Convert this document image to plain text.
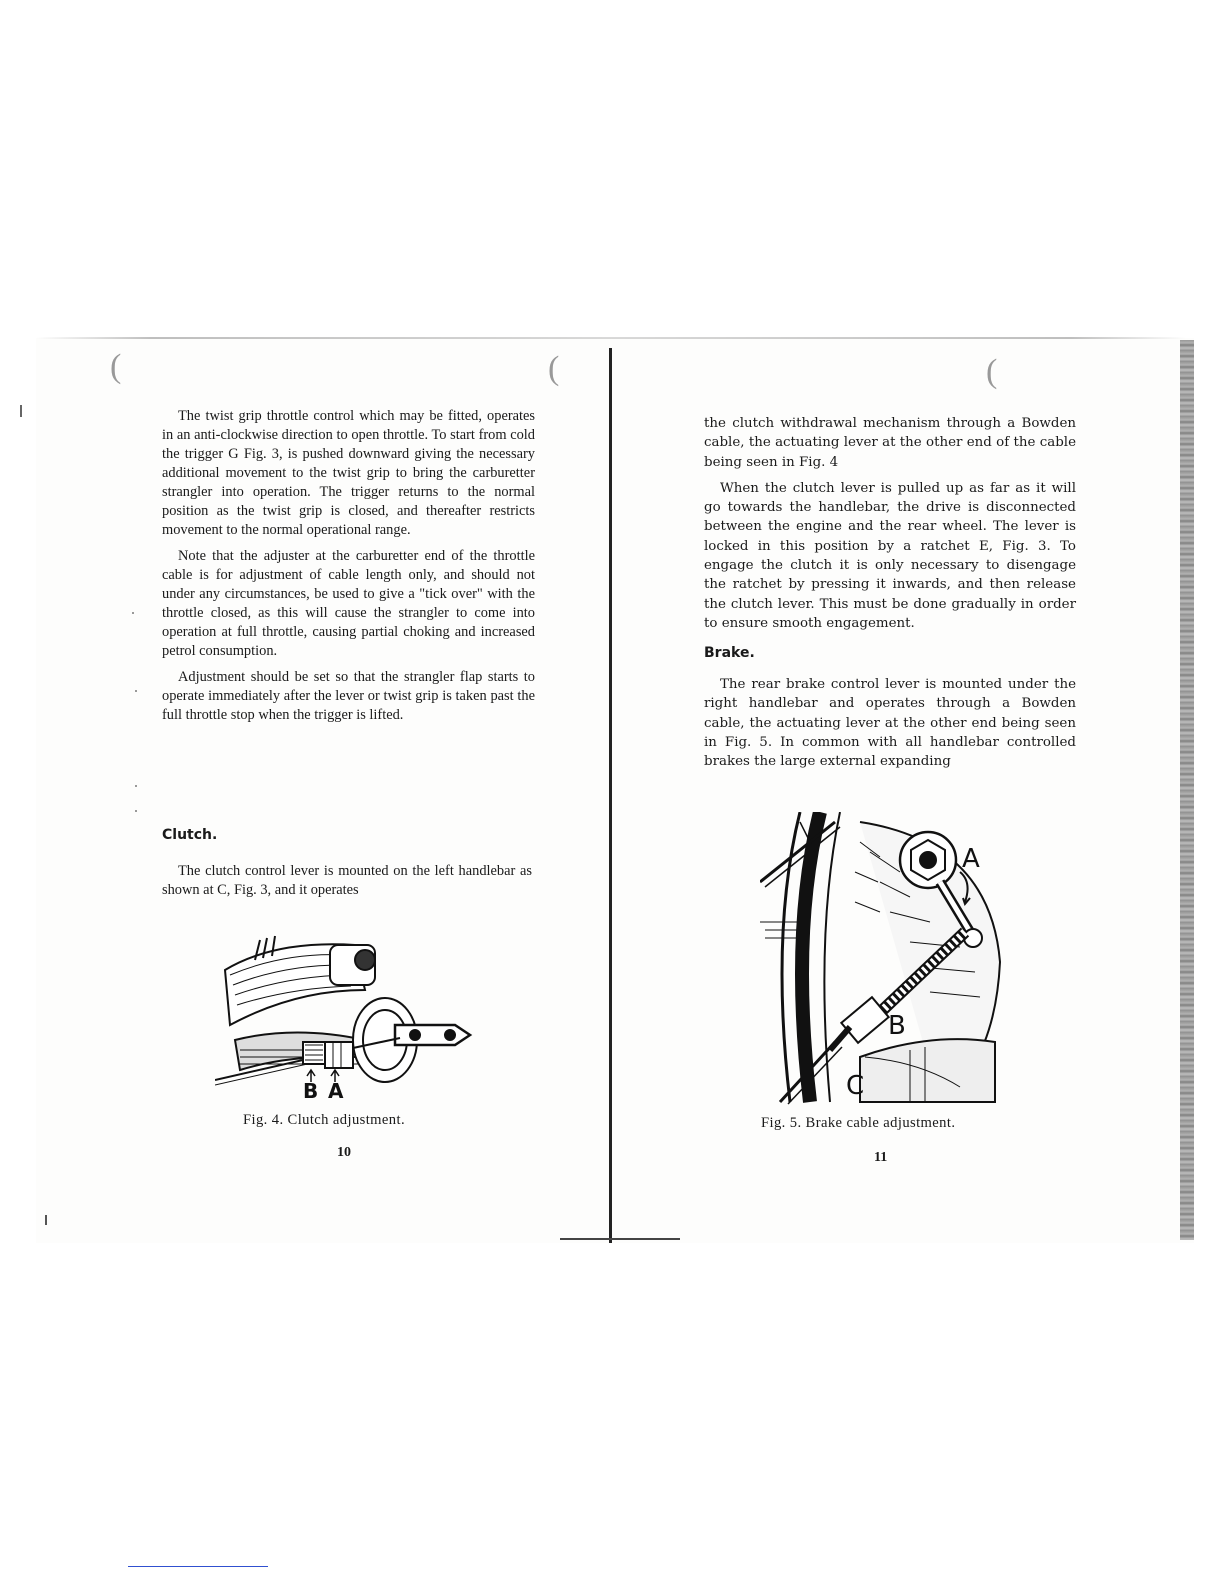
(	(	(

The twist grip throttle control which may be fitted, operates in an anti-clockwise direction to open throttle. To start from cold the trigger G Fig. 3, is pushed downward giving the necessary additional movement to the twist grip to bring the carburetter strangler into operation. The trigger returns to the normal position as the twist grip is closed, and thereafter restricts movement to the normal operational range.

Note that the adjuster at the carburetter end of the throttle cable is for adjustment of cable length only, and should not under any circumstances, be used to give a "tick over" with the throttle closed, as this will cause the strangler to come into operation at full throttle, causing partial choking and increased petrol consumption.

Adjustment should be set so that the strangler flap starts to operate immediately after the lever or twist grip is taken past the full throttle stop when the trigger is lifted.

Clutch.

The clutch control lever is mounted on the left handlebar as shown at C, Fig. 3, and it operates

B A
Fig. 4. Clutch adjustment.
10

the clutch withdrawal mechanism through a Bowden cable, the actuating lever at the other end of the cable being seen in Fig. 4

When the clutch lever is pulled up as far as it will go towards the handlebar, the drive is disconnected between the engine and the rear wheel. The lever is locked in this position by a ratchet E, Fig. 3. To engage the clutch it is only necessary to disengage the ratchet by pressing it inwards, and then release the clutch lever. This must be done gradually in order to ensure smooth engagement.

Brake.

The rear brake control lever is mounted under the right handlebar and operates through a Bowden cable, the actuating lever at the other end being seen in Fig. 5. In common with all handlebar controlled brakes the large external expanding

A
B
C
Fig. 5. Brake cable adjustment.
11
